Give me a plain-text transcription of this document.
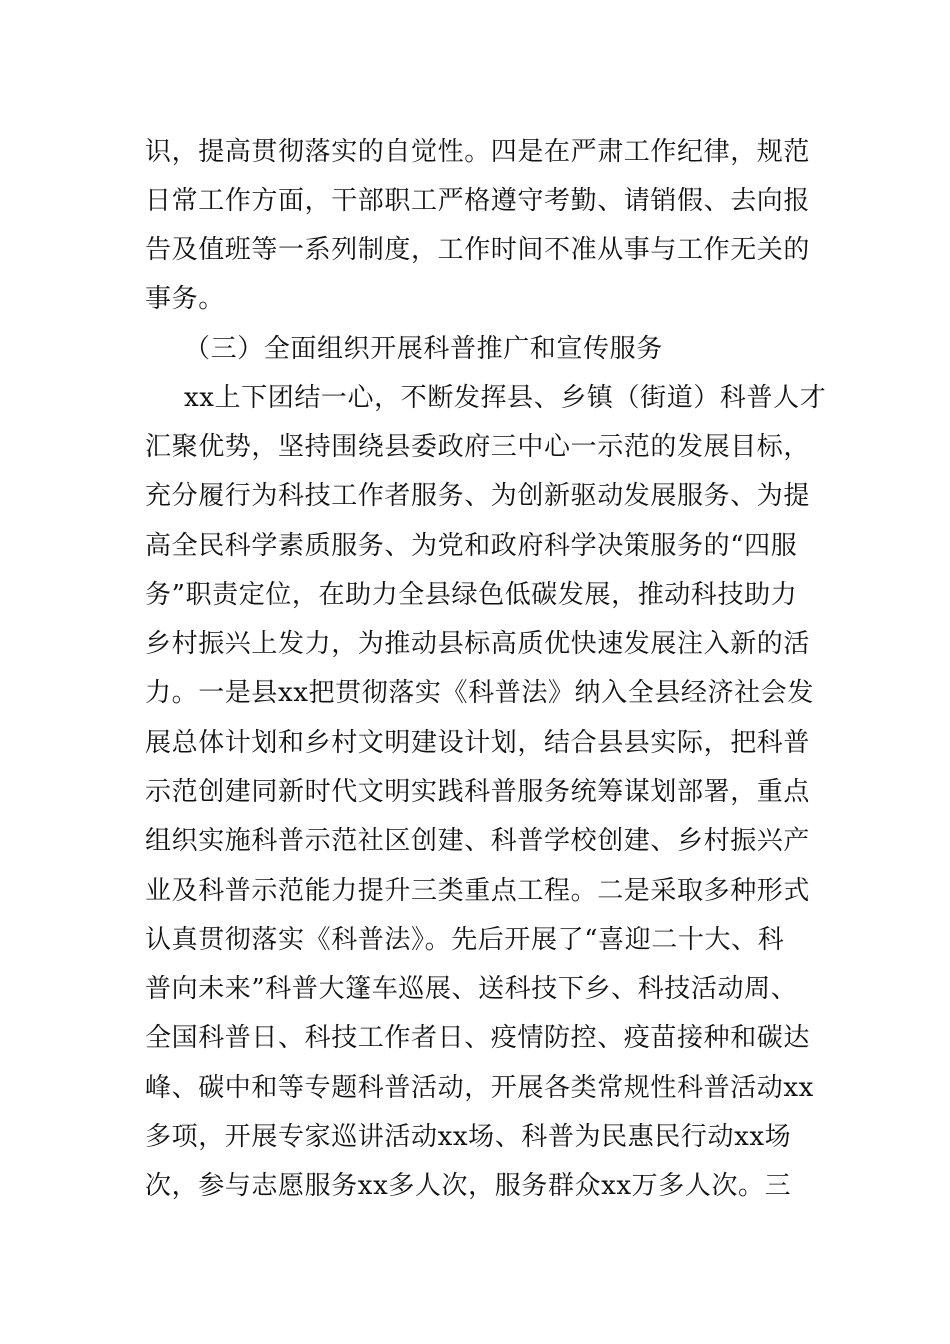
识，提高贯彻落实的自觉性。四是在严肃工作纪律，规范
日常工作方面，干部职工严格遵守考勤、请销假、去向报
告及值班等一系列制度，工作时间不准从事与工作无关的
事务。
（三）全面组织开展科普推广和宣传服务
xx上下团结一心，不断发挥县、乡镇（街道）科普人才
汇聚优势，坚持围绕县委政府三中心一示范的发展目标，
充分履行为科技工作者服务、为创新驱动发展服务、为提
高全民科学素质服务、为党和政府科学决策服务的“四服
务”职责定位，在助力全县绿色低碳发展，推动科技助力
乡村振兴上发力，为推动县标高质优快速发展注入新的活
力。一是县xx把贯彻落实《科普法》纳入全县经济社会发
展总体计划和乡村文明建设计划，结合县县实际，把科普
示范创建同新时代文明实践科普服务统筹谋划部署，重点
组织实施科普示范社区创建、科普学校创建、乡村振兴产
业及科普示范能力提升三类重点工程。二是采取多种形式
认真贯彻落实《科普法》。先后开展了“喜迎二十大、科
普向未来”科普大篷车巡展、送科技下乡、科技活动周、
全国科普日、科技工作者日、疫情防控、疫苗接种和碳达
峰、碳中和等专题科普活动，开展各类常规性科普活动xx
多项，开展专家巡讲活动xx场、科普为民惠民行动xx场
次，参与志愿服务xx多人次，服务群众xx万多人次。三
